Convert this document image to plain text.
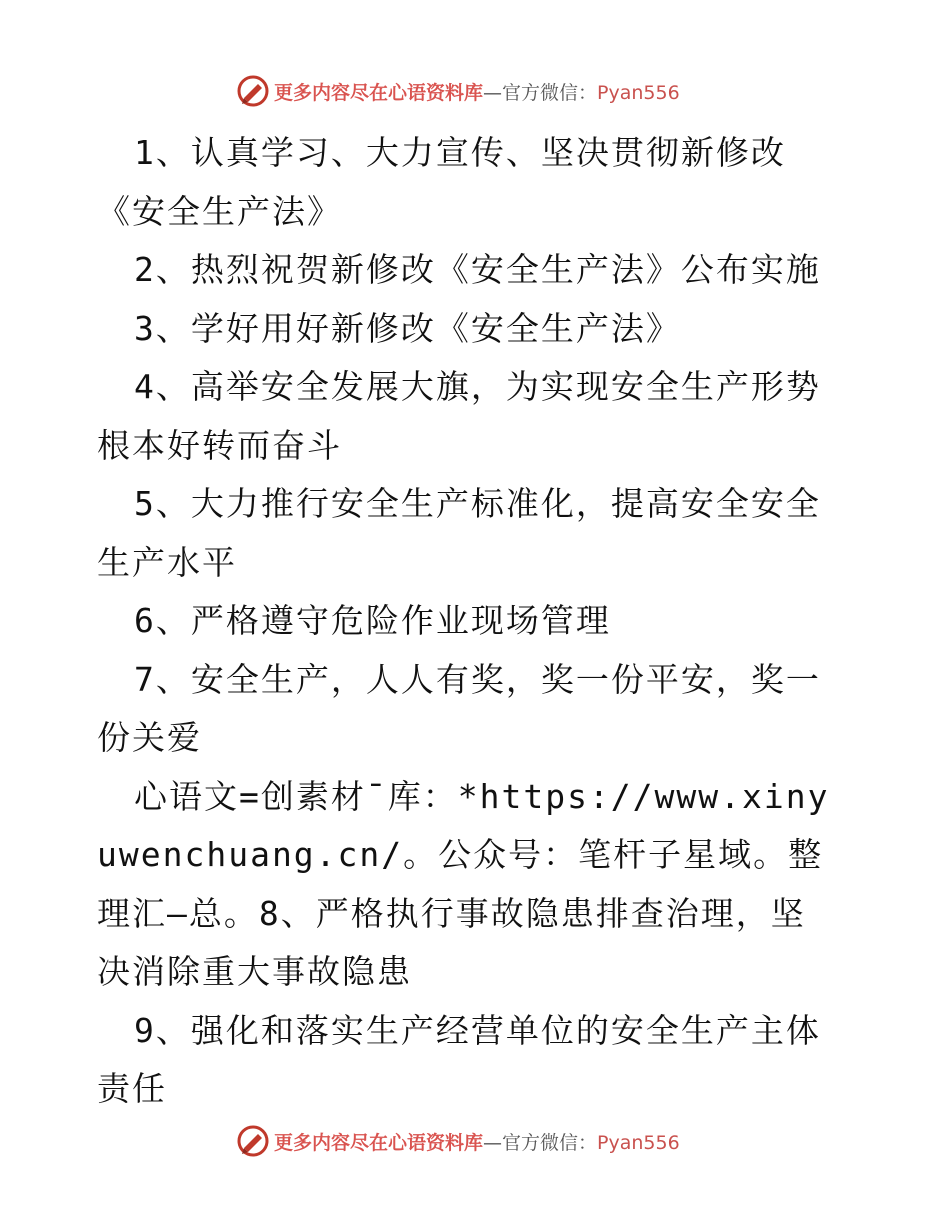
更多内容尽在心语资料库—官方微信：Pyan556

1、认真学习、大力宣传、坚决贯彻新修改《安全生产法》

2、热烈祝贺新修改《安全生产法》公布实施

3、学好用好新修改《安全生产法》

4、高举安全发展大旗，为实现安全生产形势根本好转而奋斗

5、大力推行安全生产标准化，提高安全安全生产水平

6、严格遵守危险作业现场管理

7、安全生产，人人有奖，奖一份平安，奖一份关爱

心语文=创素材¯库：*https://www.xinyuwenchuang.cn/。公众号：笔杆子星域。整理汇—总。8、严格执行事故隐患排查治理，坚决消除重大事故隐患

9、强化和落实生产经营单位的安全生产主体责任

更多内容尽在心语资料库—官方微信：Pyan556
